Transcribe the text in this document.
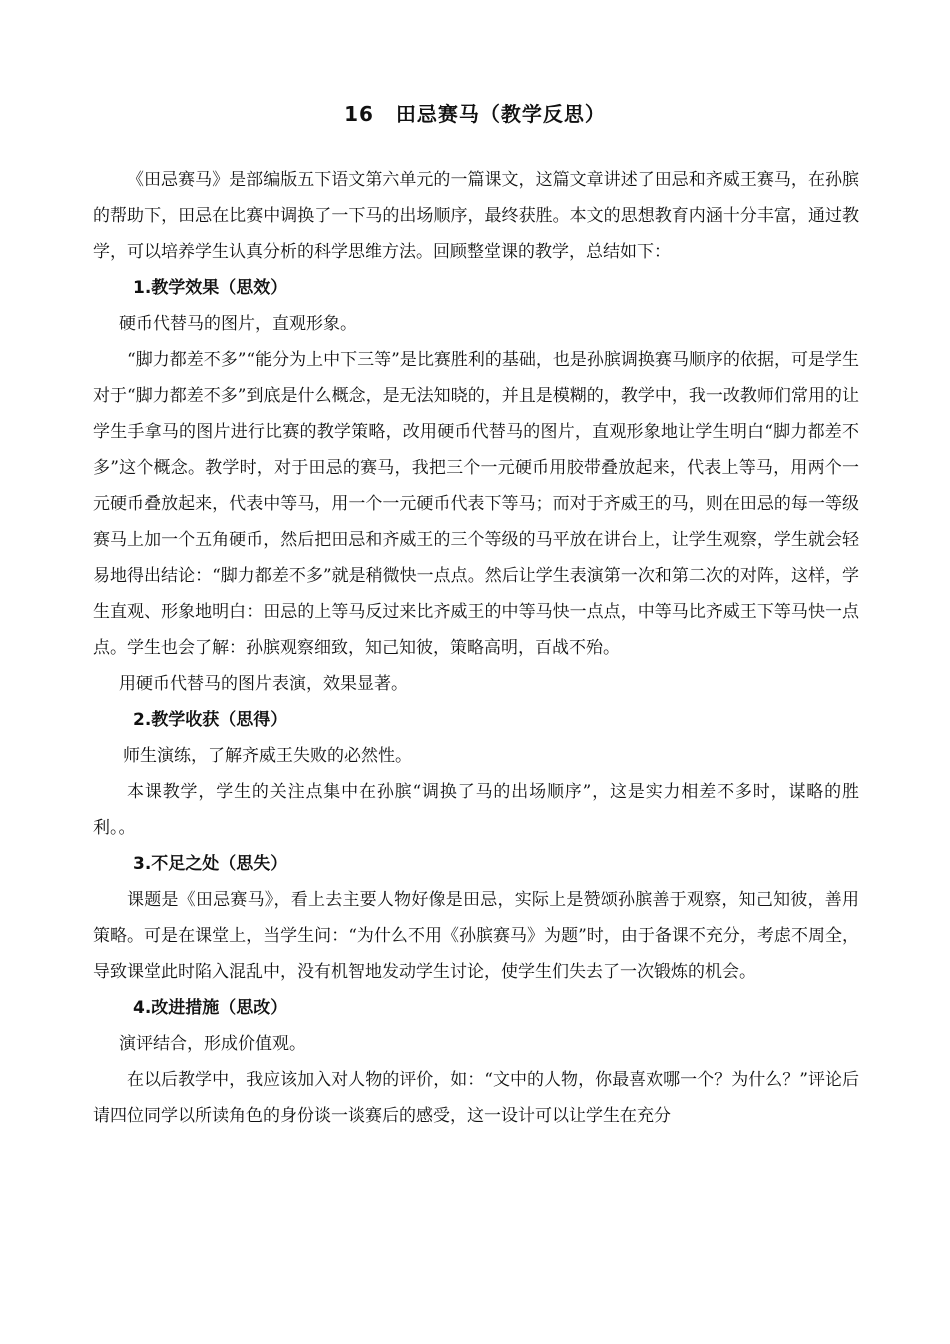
16 田忌赛马（教学反思）

《田忌赛马》是部编版五下语文第六单元的一篇课文，这篇文章讲述了田忌和齐威王赛马，在孙膑的帮助下，田忌在比赛中调换了一下马的出场顺序，最终获胜。本文的思想教育内涵十分丰富，通过教学，可以培养学生认真分析的科学思维方法。回顾整堂课的教学，总结如下：

1.教学效果（思效）

硬币代替马的图片，直观形象。

“脚力都差不多”“能分为上中下三等”是比赛胜利的基础，也是孙膑调换赛马顺序的依据，可是学生对于“脚力都差不多”到底是什么概念，是无法知晓的，并且是模糊的，教学中，我一改教师们常用的让学生手拿马的图片进行比赛的教学策略，改用硬币代替马的图片，直观形象地让学生明白“脚力都差不多”这个概念。教学时，对于田忌的赛马，我把三个一元硬币用胶带叠放起来，代表上等马，用两个一元硬币叠放起来，代表中等马，用一个一元硬币代表下等马；而对于齐威王的马，则在田忌的每一等级赛马上加一个五角硬币，然后把田忌和齐威王的三个等级的马平放在讲台上，让学生观察，学生就会轻易地得出结论：“脚力都差不多”就是稍微快一点点。然后让学生表演第一次和第二次的对阵，这样，学生直观、形象地明白：田忌的上等马反过来比齐威王的中等马快一点点，中等马比齐威王下等马快一点点。学生也会了解：孙膑观察细致，知己知彼，策略高明，百战不殆。

用硬币代替马的图片表演，效果显著。

2.教学收获（思得）

师生演练，了解齐威王失败的必然性。

本课教学，学生的关注点集中在孙膑“调换了马的出场顺序”，这是实力相差不多时，谋略的胜利。。

3.不足之处（思失）

课题是《田忌赛马》，看上去主要人物好像是田忌，实际上是赞颂孙膑善于观察，知己知彼，善用策略。可是在课堂上，当学生问：“为什么不用《孙膑赛马》为题”时，由于备课不充分，考虑不周全，导致课堂此时陷入混乱中，没有机智地发动学生讨论，使学生们失去了一次锻炼的机会。

4.改进措施（思改）

演评结合，形成价值观。

在以后教学中，我应该加入对人物的评价，如：“文中的人物，你最喜欢哪一个？为什么？”评论后请四位同学以所读角色的身份谈一谈赛后的感受，这一设计可以让学生在充分
